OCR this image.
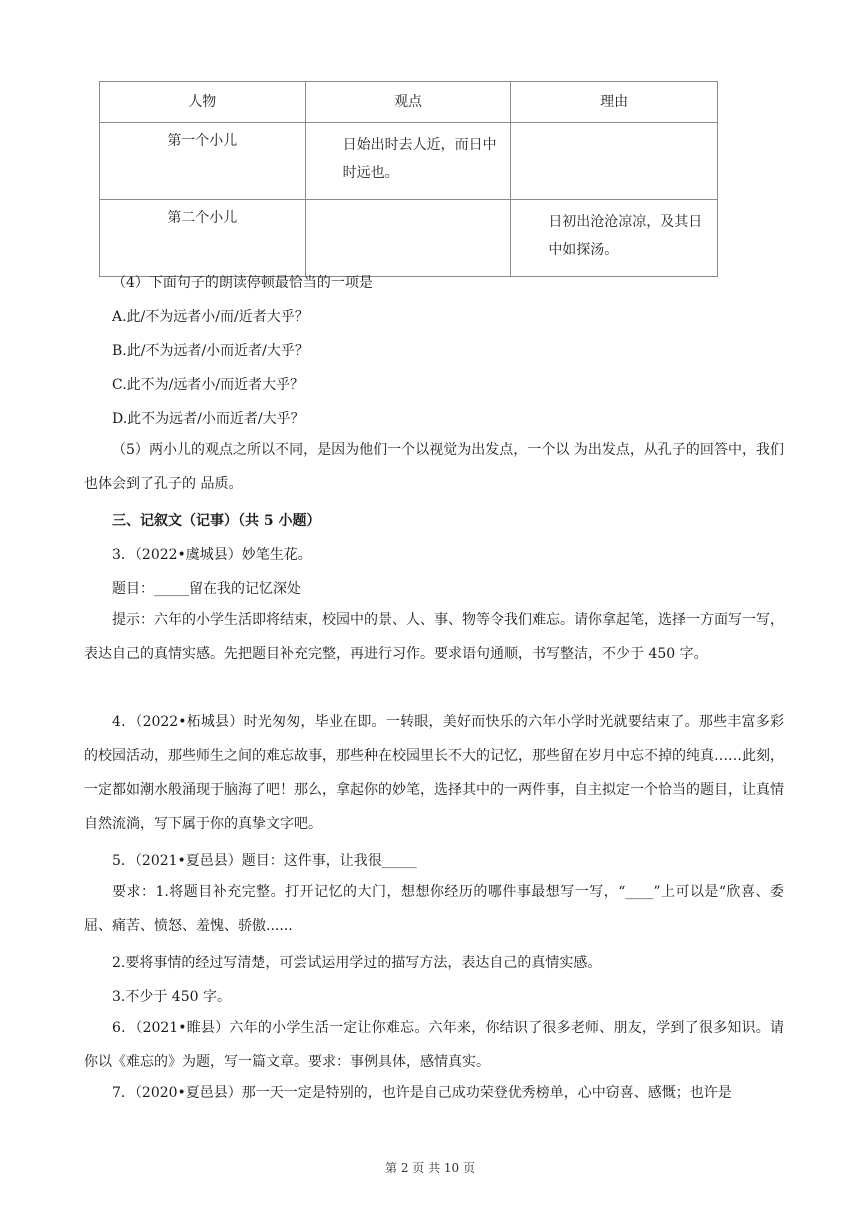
人物	观点	理由
第一个小儿	日始出时去人近，而日中时远也。	

第二个小儿		日初出沧沧凉凉，及其日中如探汤。
（4）下面句子的朗读停顿最恰当的一项是
A.此/不为远者小/而/近者大乎？
B.此/不为远者/小而近者/大乎？
C.此不为/远者小/而近者大乎？
D.此不为远者/小而近者/大乎？
（5）两小儿的观点之所以不同，是因为他们一个以视觉为出发点，一个以 为出发点，从孔子的回答中，我们也体会到了孔子的 品质。
三、记叙文（记事）（共 5 小题）
3．（2022•虞城县）妙笔生花。
题目：_____留在我的记忆深处
提示：六年的小学生活即将结束，校园中的景、人、事、物等令我们难忘。请你拿起笔，选择一方面写一写，表达自己的真情实感。先把题目补充完整，再进行习作。要求语句通顺，书写整洁，不少于 450 字。
4．（2022•柘城县）时光匆匆，毕业在即。一转眼，美好而快乐的六年小学时光就要结束了。那些丰富多彩的校园活动，那些师生之间的难忘故事，那些种在校园里长不大的记忆，那些留在岁月中忘不掉的纯真……此刻，一定都如潮水般涌现于脑海了吧！那么，拿起你的妙笔，选择其中的一两件事，自主拟定一个恰当的题目，让真情自然流淌，写下属于你的真挚文字吧。
5．（2021•夏邑县）题目：这件事，让我很_____
要求：1.将题目补充完整。打开记忆的大门，想想你经历的哪件事最想写一写，“____”上可以是“欣喜、委屈、痛苦、愤怒、羞愧、骄傲......
2.要将事情的经过写清楚，可尝试运用学过的描写方法，表达自己的真情实感。
3.不少于 450 字。
6．（2021•睢县）六年的小学生活一定让你难忘。六年来，你结识了很多老师、朋友，学到了很多知识。请你以《难忘的》为题，写一篇文章。要求：事例具体，感情真实。
7．（2020•夏邑县）那一天一定是特别的，也许是自己成功荣登优秀榜单，心中窃喜、感慨；也许是
第 2 页 共 10 页
